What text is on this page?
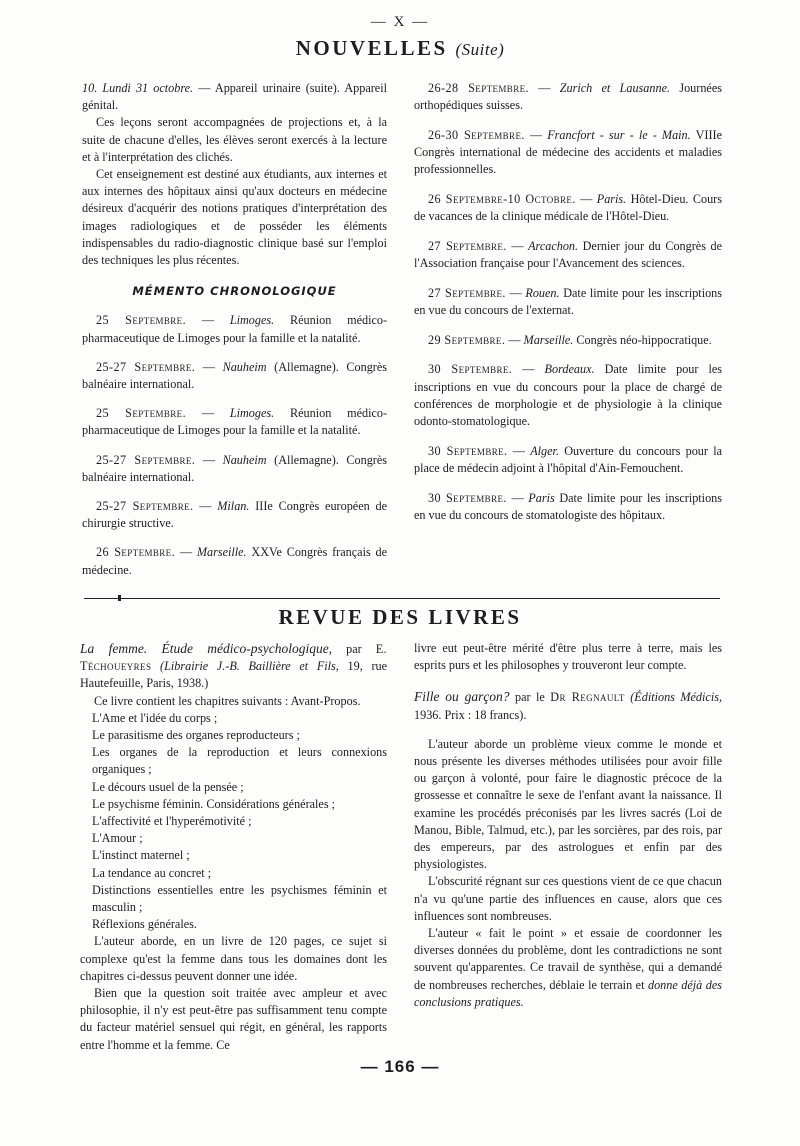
— X —
NOUVELLES (Suite)

10. Lundi 31 octobre. — Appareil urinaire (suite). Appareil génital.

Ces leçons seront accompagnées de projections et, à la suite de chacune d'elles, les élèves seront exercés à la lecture et à l'interprétation des clichés.

Cet enseignement est destiné aux étudiants, aux internes et aux internes des hôpitaux ainsi qu'aux docteurs en médecine désireux d'acquérir des notions pratiques d'interprétation des images radiologiques et de posséder les éléments indispensables du radio-diagnostic clinique basé sur l'emploi des techniques les plus récentes.

MÉMENTO CHRONOLOGIQUE

25 Septembre. — Limoges. Réunion médico-pharmaceutique de Limoges pour la famille et la natalité.

25-27 Septembre. — Nauheim (Allemagne). Congrès balnéaire international.

25 Septembre. — Limoges. Réunion médico-pharmaceutique de Limoges pour la famille et la natalité.

25-27 Septembre. — Nauheim (Allemagne). Congrès balnéaire international.

25-27 Septembre. — Milan. IIIe Congrès européen de chirurgie structive.

26 Septembre. — Marseille. XXVe Congrès français de médecine.

26-28 Septembre. — Zurich et Lausanne. Journées orthopédiques suisses.

26-30 Septembre. — Francfort - sur - le - Main. VIIIe Congrès international de médecine des accidents et maladies professionnelles.

26 Septembre-10 Octobre. — Paris. Hôtel-Dieu. Cours de vacances de la clinique médicale de l'Hôtel-Dieu.

27 Septembre. — Arcachon. Dernier jour du Congrès de l'Association française pour l'Avancement des sciences.

27 Septembre. — Rouen. Date limite pour les inscriptions en vue du concours de l'externat.

29 Septembre. — Marseille. Congrès néo-hippocratique.

30 Septembre. — Bordeaux. Date limite pour les inscriptions en vue du concours pour la place de chargé de conférences de morphologie et de physiologie à la clinique odonto-stomatologique.

30 Septembre. — Alger. Ouverture du concours pour la place de médecin adjoint à l'hôpital d'Ain-Femouchent.

30 Septembre. — Paris Date limite pour les inscriptions en vue du concours de stomatologiste des hôpitaux.

REVUE DES LIVRES

La femme. Étude médico-psychologique, par E. Téchoueyres (Librairie J.-B. Baillière et Fils, 19, rue Hautefeuille, Paris, 1938.)

Ce livre contient les chapitres suivants : Avant-Propos.

L'Ame et l'idée du corps ;

Le parasitisme des organes reproducteurs ;

Les organes de la reproduction et leurs connexions organiques ;

Le décours usuel de la pensée ;

Le psychisme féminin. Considérations générales ;

L'affectivité et l'hyperémotivité ;

L'Amour ;

L'instinct maternel ;

La tendance au concret ;

Distinctions essentielles entre les psychismes féminin et masculin ;

Réflexions générales.

L'auteur aborde, en un livre de 120 pages, ce sujet si complexe qu'est la femme dans tous les domaines dont les chapitres ci-dessus peuvent donner une idée.

Bien que la question soit traitée avec ampleur et avec philosophie, il n'y est peut-être pas suffisamment tenu compte du facteur matériel sensuel qui régit, en général, les rapports entre l'homme et la femme. Ce

livre eut peut-être mérité d'être plus terre à terre, mais les esprits purs et les philosophes y trouveront leur compte.

Fille ou garçon? par le Dr Regnault (Éditions Médicis, 1936. Prix : 18 francs).

L'auteur aborde un problème vieux comme le monde et nous présente les diverses méthodes utilisées pour avoir fille ou garçon à volonté, pour faire le diagnostic précoce de la grossesse et connaître le sexe de l'enfant avant la naissance. Il examine les procédés préconisés par les livres sacrés (Loi de Manou, Bible, Talmud, etc.), par les sorcières, par des rois, par des empereurs, par des astrologues et enfin par des physiologistes.

L'obscurité régnant sur ces questions vient de ce que chacun n'a vu qu'une partie des influences en cause, alors que ces influences sont nombreuses.

L'auteur « fait le point » et essaie de coordonner les diverses données du problème, dont les contradictions ne sont souvent qu'apparentes. Ce travail de synthèse, qui a demandé de nombreuses recherches, déblaie le terrain et donne déjà des conclusions pratiques.

— 166 —
